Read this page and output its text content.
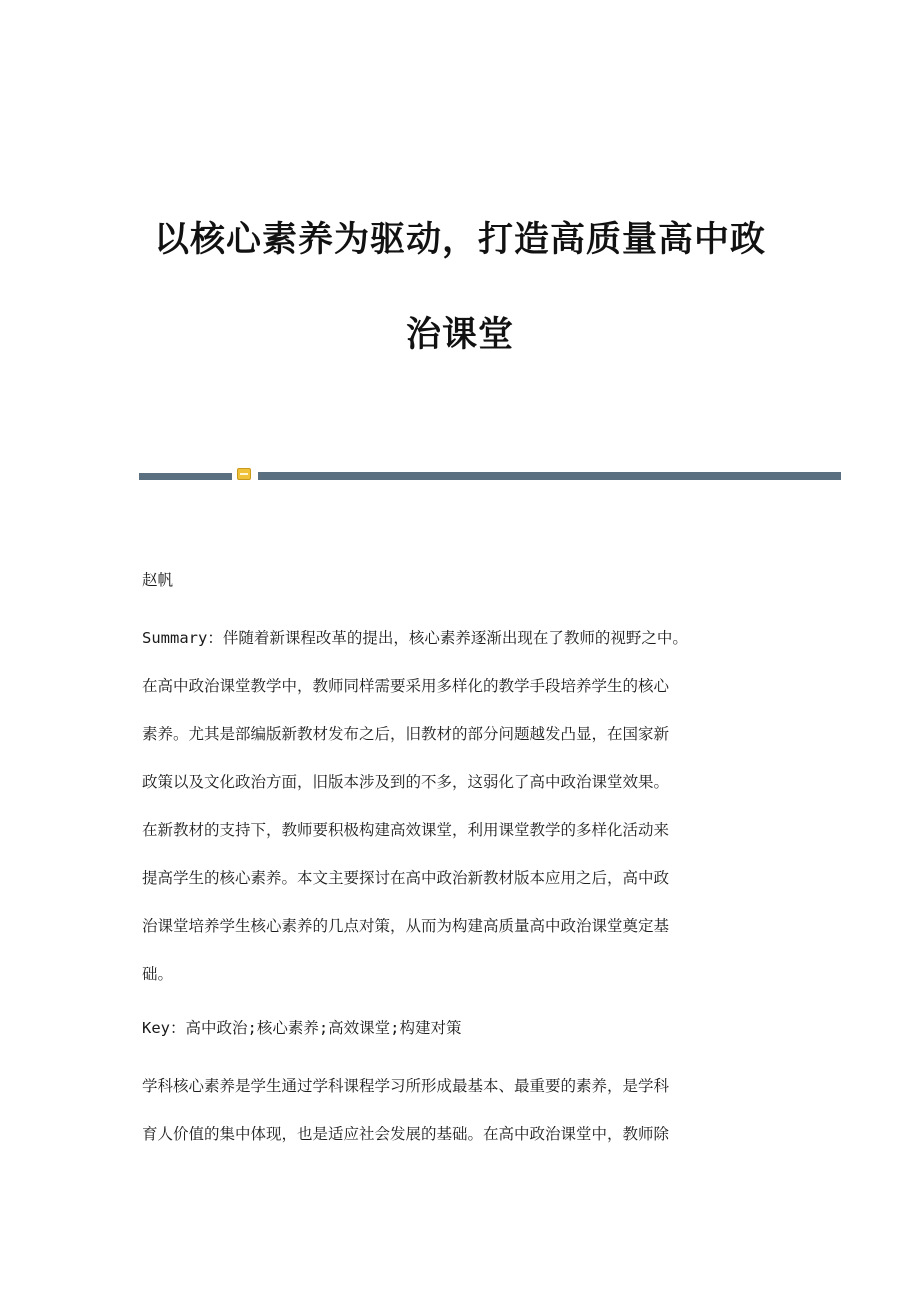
以核心素养为驱动，打造高质量高中政
治课堂
赵帆
Summary：伴随着新课程改革的提出，核心素养逐渐出现在了教师的视野之中。
在高中政治课堂教学中，教师同样需要采用多样化的教学手段培养学生的核心
素养。尤其是部编版新教材发布之后，旧教材的部分问题越发凸显，在国家新
政策以及文化政治方面，旧版本涉及到的不多，这弱化了高中政治课堂效果。
在新教材的支持下，教师要积极构建高效课堂，利用课堂教学的多样化活动来
提高学生的核心素养。本文主要探讨在高中政治新教材版本应用之后，高中政
治课堂培养学生核心素养的几点对策，从而为构建高质量高中政治课堂奠定基
础。
Key：高中政治;核心素养;高效课堂;构建对策
学科核心素养是学生通过学科课程学习所形成最基本、最重要的素养，是学科
育人价值的集中体现，也是适应社会发展的基础。在高中政治课堂中，教师除
